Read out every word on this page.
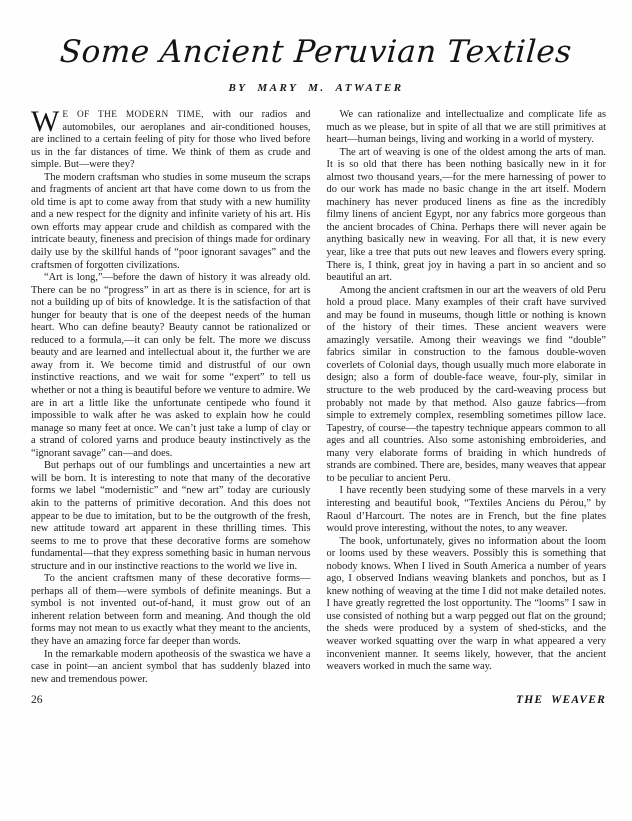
Some Ancient Peruvian Textiles
BY MARY M. ATWATER

W E OF THE MODERN TIME, with our radios and automobiles, our aeroplanes and air-conditioned houses, are inclined to a certain feeling of pity for those who lived before us in the far distances of time. We think of them as crude and simple. But—were they?

The modern craftsman who studies in some museum the scraps and fragments of ancient art that have come down to us from the old time is apt to come away from that study with a new humility and a new respect for the dignity and infinite variety of his art. His own efforts may appear crude and childish as compared with the intricate beauty, fineness and precision of things made for ordinary daily use by the skillful hands of “poor ignorant savages” and the craftsmen of forgotten civilizations.

“Art is long,”—before the dawn of history it was already old. There can be no “progress” in art as there is in science, for art is not a building up of bits of knowledge. It is the satisfaction of that hunger for beauty that is one of the deepest needs of the human heart. Who can define beauty? Beauty cannot be rationalized or reduced to a formula,—it can only be felt. The more we discuss beauty and are learned and intellectual about it, the further we are away from it. We become timid and distrustful of our own instinctive reactions, and we wait for some “expert” to tell us whether or not a thing is beautiful before we venture to admire. We are in art a little like the unfortunate centipede who found it impossible to walk after he was asked to explain how he could manage so many feet at once. We can’t just take a lump of clay or a strand of colored yarns and produce beauty instinctively as the “ignorant savage” can—and does.

But perhaps out of our fumblings and uncertainties a new art will be born. It is interesting to note that many of the decorative forms we label “modernistic” and “new art” today are curiously akin to the patterns of primitive decoration. And this does not appear to be due to imitation, but to be the outgrowth of the fresh, new attitude toward art apparent in these thrilling times. This seems to me to prove that these decorative forms are somehow fundamental—that they express something basic in human nervous structure and in our instinctive reactions to the world we live in.

To the ancient craftsmen many of these decorative forms—perhaps all of them—were symbols of definite meanings. But a symbol is not invented out-of-hand, it must grow out of an inherent relation between form and meaning. And though the old forms may not mean to us exactly what they meant to the ancients, they have an amazing force far deeper than words.

In the remarkable modern apotheosis of the swastica we have a case in point—an ancient symbol that has suddenly blazed into new and tremendous power.

We can rationalize and intellectualize and complicate life as much as we please, but in spite of all that we are still primitives at heart—human beings, living and working in a world of mystery.

The art of weaving is one of the oldest among the arts of man. It is so old that there has been nothing basically new in it for almost two thousand years,—for the mere harnessing of power to do our work has made no basic change in the art itself. Modern machinery has never produced linens as fine as the incredibly filmy linens of ancient Egypt, nor any fabrics more gorgeous than the ancient brocades of China. Perhaps there will never again be anything basically new in weaving. For all that, it is new every year, like a tree that puts out new leaves and flowers every spring. There is, I think, great joy in having a part in so ancient and so beautiful an art.

Among the ancient craftsmen in our art the weavers of old Peru hold a proud place. Many examples of their craft have survived and may be found in museums, though little or nothing is known of the history of their times. These ancient weavers were amazingly versatile. Among their weavings we find “double” fabrics similar in construction to the famous double-woven coverlets of Colonial days, though usually much more elaborate in design; also a form of double-face weave, four-ply, similar in structure to the web produced by the card-weaving process but probably not made by that method. Also gauze fabrics—from simple to extremely complex, resembling sometimes pillow lace. Tapestry, of course—the tapestry technique appears common to all ages and all countries. Also some astonishing embroideries, and many very elaborate forms of braiding in which hundreds of strands are combined. There are, besides, many weaves that appear to be peculiar to ancient Peru.

I have recently been studying some of these marvels in a very interesting and beautiful book, “Textiles Anciens du Pérou,” by Raoul d’Harcourt. The notes are in French, but the fine plates would prove interesting, without the notes, to any weaver.

The book, unfortunately, gives no information about the loom or looms used by these weavers. Possibly this is something that nobody knows. When I lived in South America a number of years ago, I observed Indians weaving blankets and ponchos, but as I knew nothing of weaving at the time I did not make detailed notes. I have greatly regretted the lost opportunity. The “looms” I saw in use consisted of nothing but a warp pegged out flat on the ground; the sheds were produced by a system of shed-sticks, and the weaver worked squatting over the warp in what appeared a very inconvenient manner. It seems likely, however, that the ancient weavers worked in much the same way.

26	THE WEAVER
